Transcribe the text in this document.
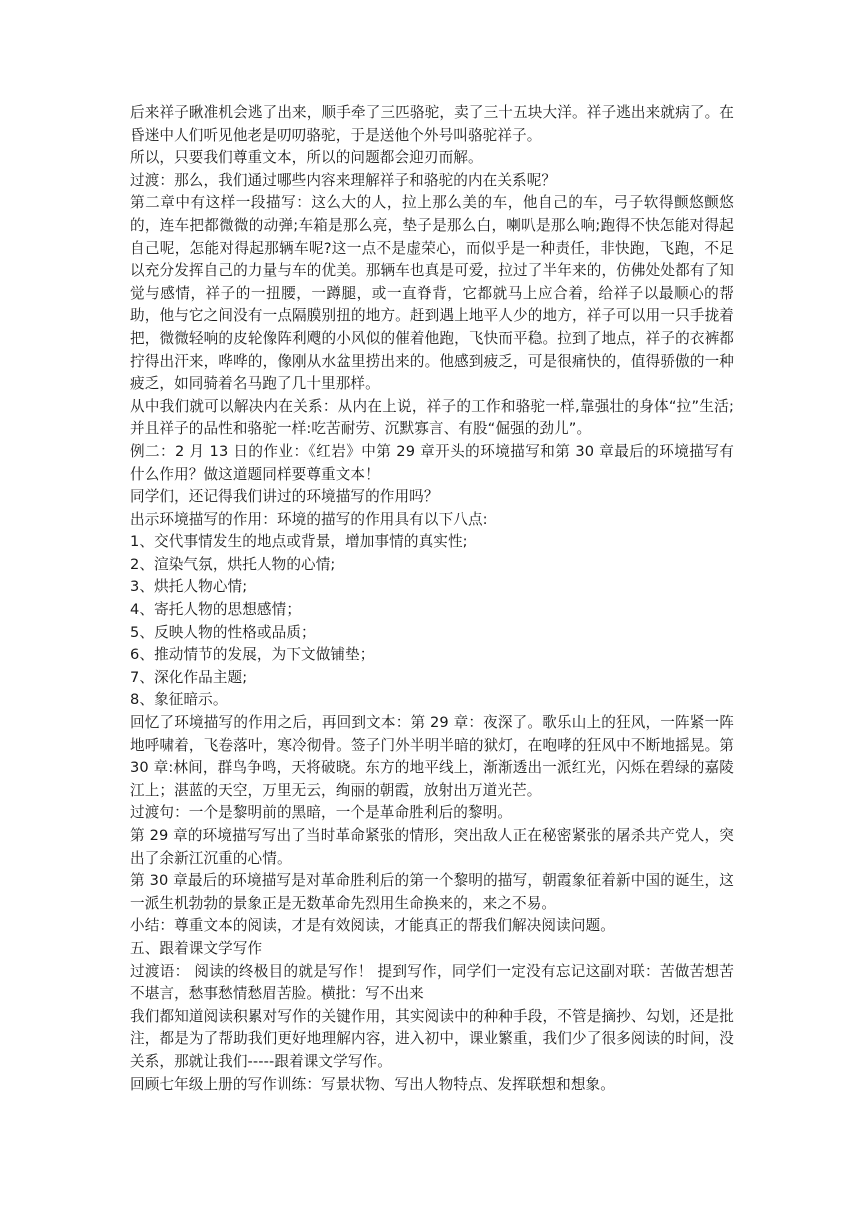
后来祥子瞅准机会逃了出来，顺手牵了三匹骆驼，卖了三十五块大洋。祥子逃出来就病了。在昏迷中人们听见他老是叨叨骆驼，于是送他个外号叫骆驼祥子。

所以，只要我们尊重文本，所以的问题都会迎刃而解。

过渡：那么，我们通过哪些内容来理解祥子和骆驼的内在关系呢？

第二章中有这样一段描写：这么大的人，拉上那么美的车，他自己的车，弓子软得颤悠颤悠的，连车把都微微的动弹;车箱是那么亮，垫子是那么白，喇叭是那么响;跑得不快怎能对得起自己呢，怎能对得起那辆车呢?这一点不是虚荣心，而似乎是一种责任，非快跑，飞跑，不足以充分发挥自己的力量与车的优美。那辆车也真是可爱，拉过了半年来的，仿佛处处都有了知觉与感情，祥子的一扭腰，一蹲腿，或一直脊背，它都就马上应合着，给祥子以最顺心的帮助，他与它之间没有一点隔膜别扭的地方。赶到遇上地平人少的地方，祥子可以用一只手拢着把，微微轻响的皮轮像阵利飕的小风似的催着他跑，飞快而平稳。拉到了地点，祥子的衣裤都拧得出汗来，哗哗的，像刚从水盆里捞出来的。他感到疲乏，可是很痛快的，值得骄傲的一种疲乏，如同骑着名马跑了几十里那样。

从中我们就可以解决内在关系：从内在上说，祥子的工作和骆驼一样,靠强壮的身体“拉”生活;并且祥子的品性和骆驼一样:吃苦耐劳、沉默寡言、有股“倔强的劲儿”。

例二：2 月 13 日的作业：《红岩》中第 29 章开头的环境描写和第 30 章最后的环境描写有什么作用？做这道题同样要尊重文本！

同学们，还记得我们讲过的环境描写的作用吗？

出示环境描写的作用：环境的描写的作用具有以下八点:

1、交代事情发生的地点或背景，增加事情的真实性;

2、渲染气氛，烘托人物的心情;

3、烘托人物心情;

4、寄托人物的思想感情；

5、反映人物的性格或品质；

6、推动情节的发展，为下文做铺垫；

7、深化作品主题;

8、象征暗示。

回忆了环境描写的作用之后，再回到文本：第 29 章：夜深了。歌乐山上的狂风，一阵紧一阵地呼啸着，飞卷落叶，寒冷彻骨。签子门外半明半暗的狱灯，在咆哮的狂风中不断地摇晃。第 30 章:林间，群鸟争鸣，天将破晓。东方的地平线上，渐渐透出一派红光，闪烁在碧绿的嘉陵江上；湛蓝的天空，万里无云，绚丽的朝霞，放射出万道光芒。

过渡句：一个是黎明前的黑暗，一个是革命胜利后的黎明。

第 29 章的环境描写写出了当时革命紧张的情形，突出敌人正在秘密紧张的屠杀共产党人，突出了余新江沉重的心情。

第 30 章最后的环境描写是对革命胜利后的第一个黎明的描写，朝霞象征着新中国的诞生，这一派生机勃勃的景象正是无数革命先烈用生命换来的，来之不易。

小结：尊重文本的阅读，才是有效阅读，才能真正的帮我们解决阅读问题。

五、跟着课文学写作

过渡语： 阅读的终极目的就是写作！ 提到写作，同学们一定没有忘记这副对联：苦做苦想苦不堪言，愁事愁情愁眉苦脸。横批：写不出来

我们都知道阅读积累对写作的关键作用，其实阅读中的种种手段，不管是摘抄、勾划，还是批注，都是为了帮助我们更好地理解内容，进入初中，课业繁重，我们少了很多阅读的时间，没关系，那就让我们-----跟着课文学写作。

回顾七年级上册的写作训练：写景状物、写出人物特点、发挥联想和想象。
